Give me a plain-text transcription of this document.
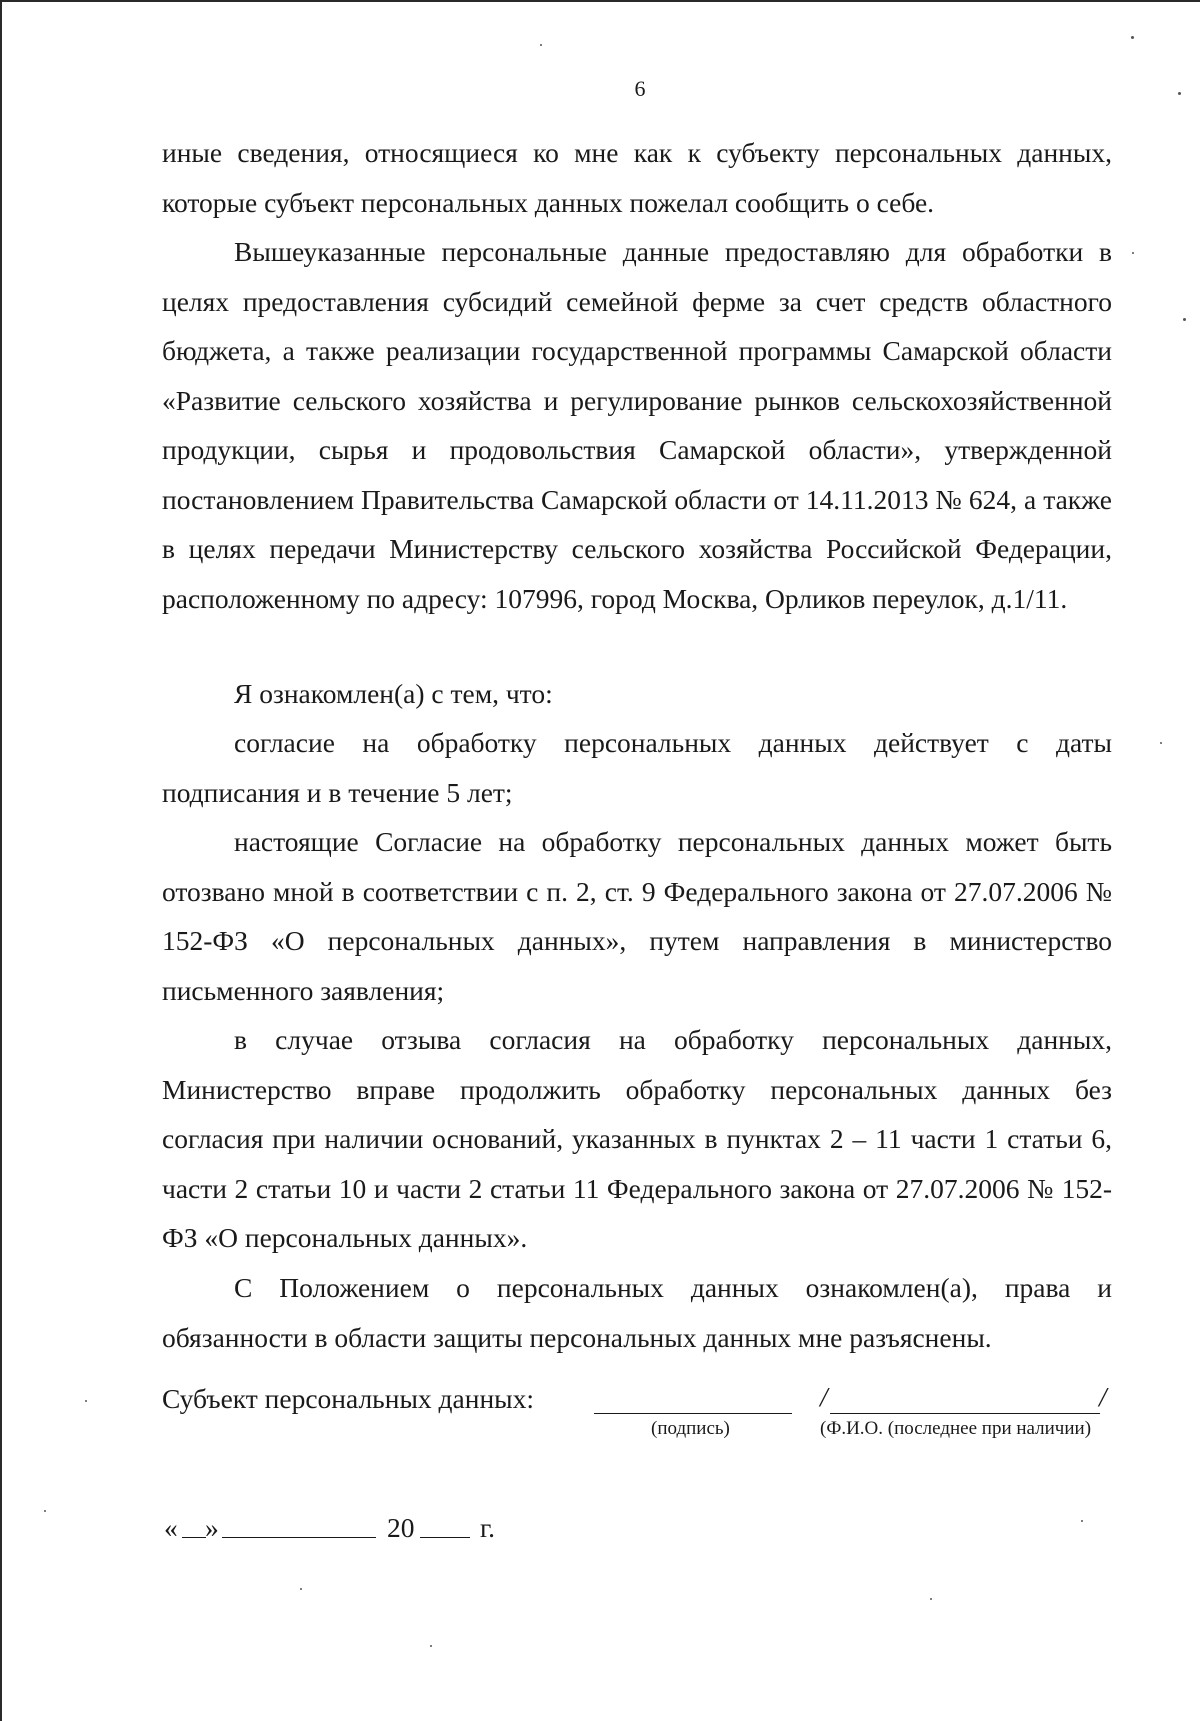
6

иные сведения, относящиеся ко мне как к субъекту персональных данных, которые субъект персональных данных пожелал сообщить о себе.

Вышеуказанные персональные данные предоставляю для обработки в целях предоставления субсидий семейной ферме за счет средств областного бюджета, а также реализации государственной программы Самарской области «Развитие сельского хозяйства и регулирование рынков сельскохозяйственной продукции, сырья и продовольствия Самарской области», утвержденной постановлением Правительства Самарской области от 14.11.2013 № 624, а также в целях передачи Министерству сельского хозяйства Российской Федерации, расположенному по адресу: 107996, город Москва, Орликов переулок, д.1/11.

Я ознакомлен(а) с тем, что:

согласие на обработку персональных данных действует с даты подписания и в течение 5 лет;

настоящие Согласие на обработку персональных данных может быть отозвано мной в соответствии с п. 2, ст. 9 Федерального закона от 27.07.2006 № 152-ФЗ «О персональных данных», путем направления в министерство письменного заявления;

в случае отзыва согласия на обработку персональных данных, Министерство вправе продолжить обработку персональных данных без согласия при наличии оснований, указанных в пунктах 2 – 11 части 1 статьи 6, части 2 статьи 10 и части 2 статьи 11 Федерального закона от 27.07.2006 № 152-ФЗ «О персональных данных».

С Положением о персональных данных ознакомлен(а), права и обязанности в области защиты персональных данных мне разъяснены.

Субъект персональных данных:	/	/
(подпись)	(Ф.И.О. (последнее при наличии)
« »	20 г.
